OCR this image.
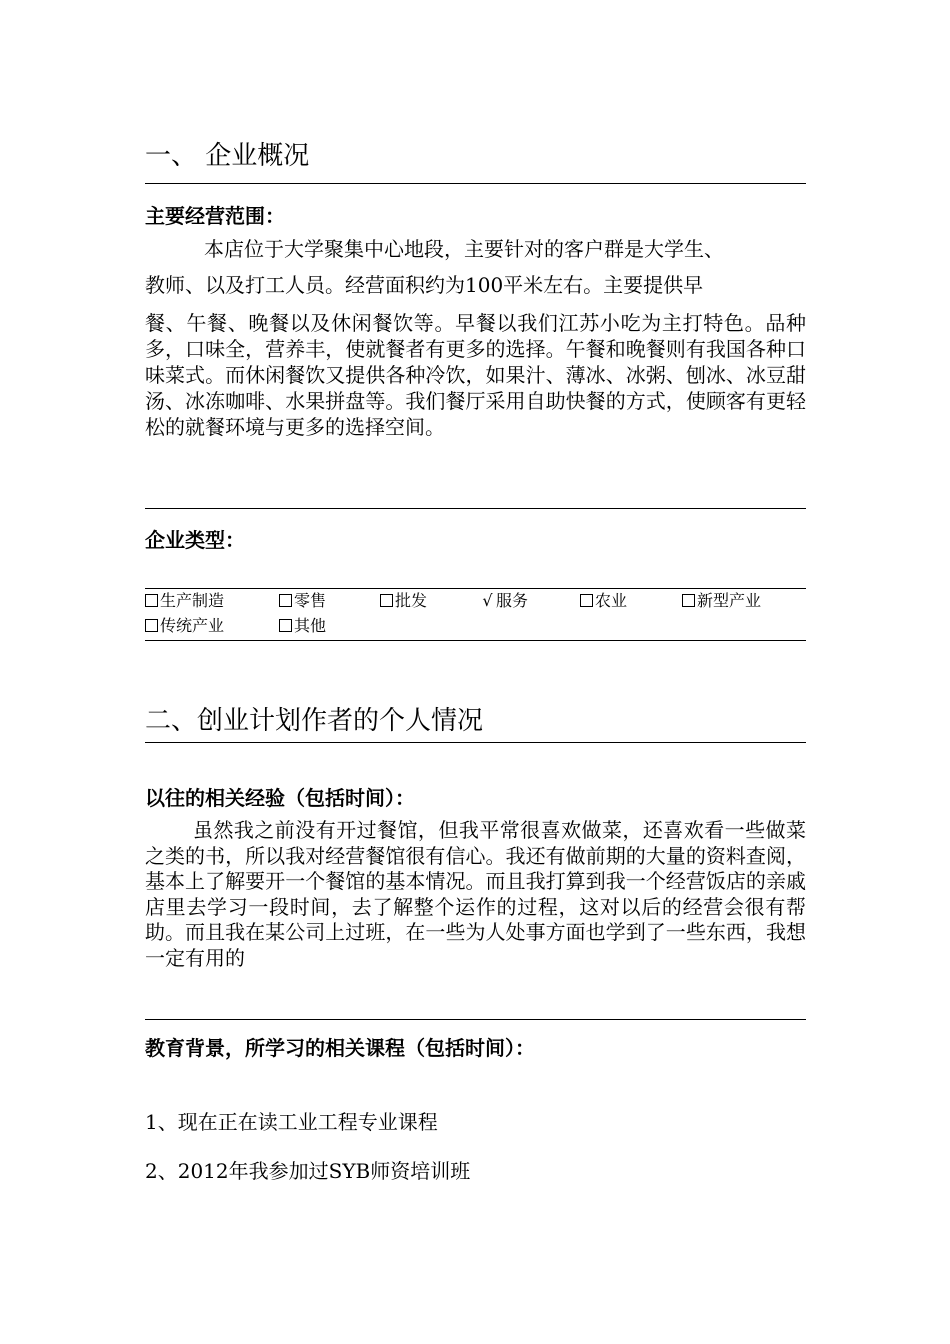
一、 企业概况
主要经营范围：
本店位于大学聚集中心地段，主要针对的客户群是大学生、
教师、以及打工人员。经营面积约为100平米左右。主要提供早
餐、午餐、晚餐以及休闲餐饮等。早餐以我们江苏小吃为主打特色。品种多，口味全，营养丰，使就餐者有更多的选择。午餐和晚餐则有我国各种口味菜式。而休闲餐饮又提供各种冷饮，如果汁、薄冰、冰粥、刨冰、冰豆甜汤、冰冻咖啡、水果拼盘等。我们餐厅采用自助快餐的方式，使顾客有更轻松的就餐环境与更多的选择空间。
企业类型：
生产制造	零售	批发	√ 服务	农业	新型产业
传统产业	其他
二、创业计划作者的个人情况
以往的相关经验（包括时间）：
虽然我之前没有开过餐馆，但我平常很喜欢做菜，还喜欢看一些做菜之类的书，所以我对经营餐馆很有信心。我还有做前期的大量的资料查阅，基本上了解要开一个餐馆的基本情况。而且我打算到我一个经营饭店的亲戚店里去学习一段时间，去了解整个运作的过程，这对以后的经营会很有帮助。而且我在某公司上过班，在一些为人处事方面也学到了一些东西，我想一定有用的
教育背景，所学习的相关课程（包括时间）：
1、现在正在读工业工程专业课程
2、2012年我参加过SYB师资培训班
